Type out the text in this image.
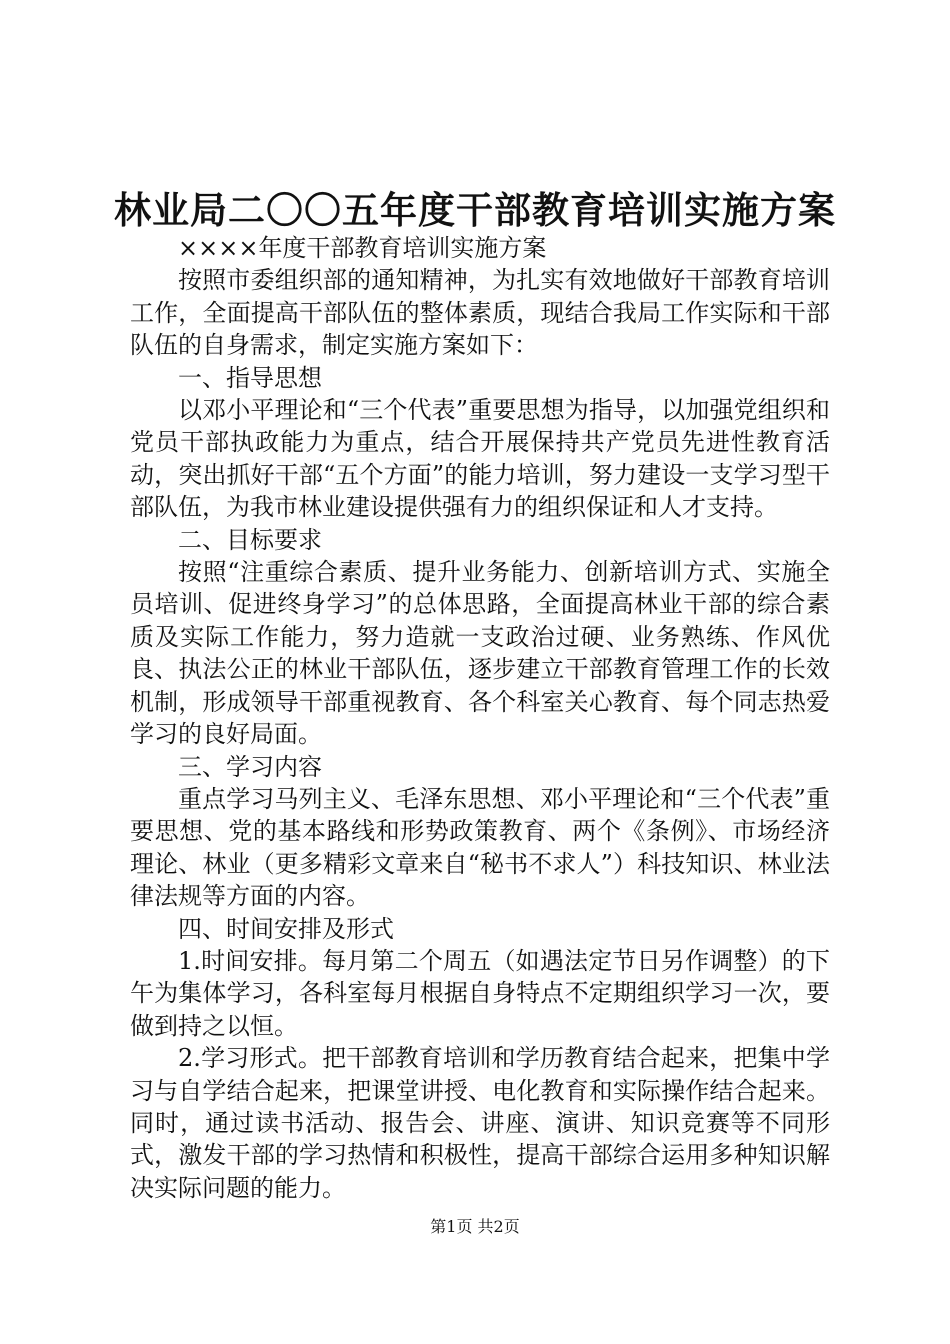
林业局二〇〇五年度干部教育培训实施方案

××××年度干部教育培训实施方案

按照市委组织部的通知精神，为扎实有效地做好干部教育培训工作，全面提高干部队伍的整体素质，现结合我局工作实际和干部队伍的自身需求，制定实施方案如下：

一、指导思想

以邓小平理论和“三个代表”重要思想为指导，以加强党组织和党员干部执政能力为重点，结合开展保持共产党员先进性教育活动，突出抓好干部“五个方面”的能力培训，努力建设一支学习型干部队伍，为我市林业建设提供强有力的组织保证和人才支持。

二、目标要求

按照“注重综合素质、提升业务能力、创新培训方式、实施全员培训、促进终身学习”的总体思路，全面提高林业干部的综合素质及实际工作能力，努力造就一支政治过硬、业务熟练、作风优良、执法公正的林业干部队伍，逐步建立干部教育管理工作的长效机制，形成领导干部重视教育、各个科室关心教育、每个同志热爱学习的良好局面。

三、学习内容

重点学习马列主义、毛泽东思想、邓小平理论和“三个代表”重要思想、党的基本路线和形势政策教育、两个《条例》、市场经济理论、林业（更多精彩文章来自“秘书不求人”）科技知识、林业法律法规等方面的内容。

四、时间安排及形式

1.时间安排。每月第二个周五（如遇法定节日另作调整）的下午为集体学习，各科室每月根据自身特点不定期组织学习一次，要做到持之以恒。

2.学习形式。把干部教育培训和学历教育结合起来，把集中学习与自学结合起来，把课堂讲授、电化教育和实际操作结合起来。同时，通过读书活动、报告会、讲座、演讲、知识竞赛等不同形式，激发干部的学习热情和积极性，提高干部综合运用多种知识解决实际问题的能力。

第1页 共2页
